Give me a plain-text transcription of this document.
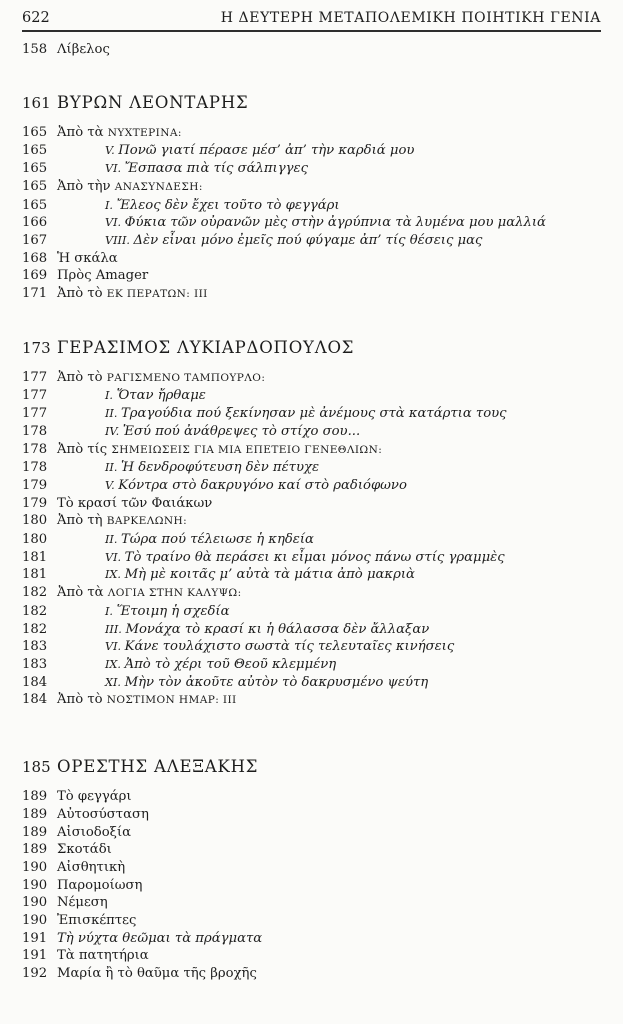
622	Η ΔΕΥΤΕΡΗ ΜΕΤΑΠΟΛΕΜΙΚΗ ΠΟΙΗΤΙΚΗ ΓΕΝΙΑ
158 Λίβελος
161 ΒΥΡΩΝ ΛΕΟΝΤΑΡΗΣ
165 Ἀπὸ τὰ ΝΥΧΤΕΡΙΝΑ:
165	V. Πονῶ γιατί πέρασε μέσ’ ἀπ’ τὴν καρδιά μου
165	VI. Ἔσπασα πιὰ τίς σάλπιγγες
165 Ἀπὸ τὴν ΑΝΑΣΥΝΔΕΣΗ:
165	I. Ἔλεος δὲν ἔχει τοῦτο τὸ φεγγάρι
166	VI. Φύκια τῶν οὐρανῶν μὲς στὴν ἀγρύπνια τὰ λυμένα μου μαλλιά
167	VIII. Δὲν εἶναι μόνο ἐμεῖς πού φύγαμε ἀπ’ τίς θέσεις μας
168 Ἡ σκάλα
169 Πρὸς Amager
171 Ἀπὸ τὸ ΕΚ ΠΕΡΑΤΩΝ: III
173 ΓΕΡΑΣΙΜΟΣ ΛΥΚΙΑΡΔΟΠΟΥΛΟΣ
177 Ἀπὸ τὸ ΡΑΓΙΣΜΕΝΟ ΤΑΜΠΟΥΡΛΟ:
177	I. Ὅταν ἤρθαμε
177	II. Τραγούδια πού ξεκίνησαν μὲ ἀνέμους στὰ κατάρτια τους
178	IV. Ἐσύ πού ἀνάθρεψες τὸ στίχο σου...
178 Ἀπὸ τίς ΣΗΜΕΙΩΣΕΙΣ ΓΙΑ ΜΙΑ ΕΠΕΤΕΙΟ ΓΕΝΕΘΛΙΩΝ:
178	II. Ἡ δενδροφύτευση δὲν πέτυχε
179	V. Κόντρα στὸ δακρυγόνο καί στὸ ραδιόφωνο
179 Τὸ κρασί τῶν Φαιάκων
180 Ἀπὸ τὴ ΒΑΡΚΕΛΩΝΗ:
180	II. Τώρα πού τέλειωσε ἡ κηδεία
181	VI. Τὸ τραίνο θὰ περάσει κι εἶμαι μόνος πάνω στίς γραμμὲς
181	IX. Μὴ μὲ κοιτᾶς μ’ αὐτὰ τὰ μάτια ἀπὸ μακριὰ
182 Ἀπὸ τὰ ΛΟΓΙΑ ΣΤΗΝ ΚΑΛΥΨΩ:
182	I. Ἕτοιμη ἡ σχεδία
182	III. Μονάχα τὸ κρασί κι ἡ θάλασσα δὲν ἄλλαξαν
183	VI. Κάνε τουλάχιστο σωστὰ τίς τελευταῖες κινήσεις
183	IX. Ἀπὸ τὸ χέρι τοῦ Θεοῦ κλεμμένη
184	XI. Μὴν τὸν ἀκοῦτε αὐτὸν τὸ δακρυσμένο ψεύτη
184 Ἀπὸ τὸ ΝΟΣΤΙΜΟΝ ΗΜΑΡ: III
185 ΟΡΕΣΤΗΣ ΑΛΕΞΑΚΗΣ
189 Τὸ φεγγάρι
189 Αὐτοσύσταση
189 Αἰσιοδοξία
189 Σκοτάδι
190 Αἰσθητικὴ
190 Παρομοίωση
190 Νέμεση
190 Ἐπισκέπτες
191 Τὴ νύχτα θεῶμαι τὰ πράγματα
191 Τὰ πατητήρια
192 Μαρία ἢ τὸ θαῦμα τῆς βροχῆς
